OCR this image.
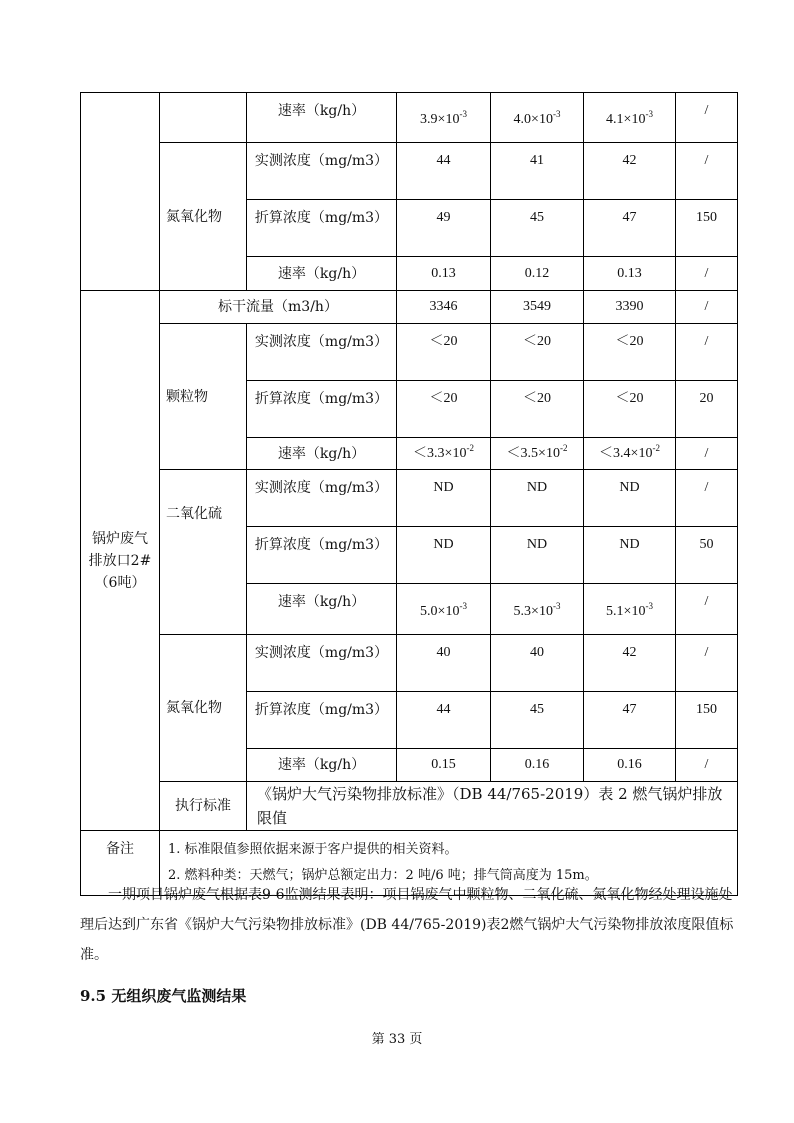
		速率（kg/h）	$3.9\times 10^{-3}$	$4.0\times 10^{-3}$	$4.1\times 10^{-3}$	/
	氮氧化物	实测浓度（mg/m3）	44	41	42	/
		折算浓度（mg/m3）	49	45	47	150
		速率（kg/h）	0.13	0.12	0.13	/
锅炉废气排放口2#（6吨）	标干流量（m3/h）		3346	3549	3390	/
	颗粒物	实测浓度（mg/m3）	＜20	＜20	＜20	/
		折算浓度（mg/m3）	＜20	＜20	＜20	20
		速率（kg/h）	$<3.3\times 10^{-2}$	$<3.5\times 10^{-2}$	$<3.4\times 10^{-2}$	/
	二氧化硫	实测浓度（mg/m3）	ND	ND	ND	/
		折算浓度（mg/m3）	ND	ND	ND	50
		速率（kg/h）	$5.0\times 10^{-3}$	$5.3\times 10^{-3}$	$5.1\times 10^{-3}$	/
	氮氧化物	实测浓度（mg/m3）	40	40	42	/
		折算浓度（mg/m3）	44	45	47	150
		速率（kg/h）	0.15	0.16	0.16	/
	执行标准	《锅炉大气污染物排放标准》（DB 44/765-2019）表 2 燃气锅炉排放限值				
备注	1. 标准限值参照依据来源于客户提供的相关资料。
2. 燃料种类：天燃气；锅炉总额定出力：2 吨/6 吨；排气筒高度为 15m。					

一期项目锅炉废气根据表9-6监测结果表明：项目锅废气中颗粒物、二氧化硫、氮氧化物经处理设施处理后达到广东省《锅炉大气污染物排放标准》(DB 44/765-2019)表2燃气锅炉大气污染物排放浓度限值标准。

9.5 无组织废气监测结果

第 33 页
